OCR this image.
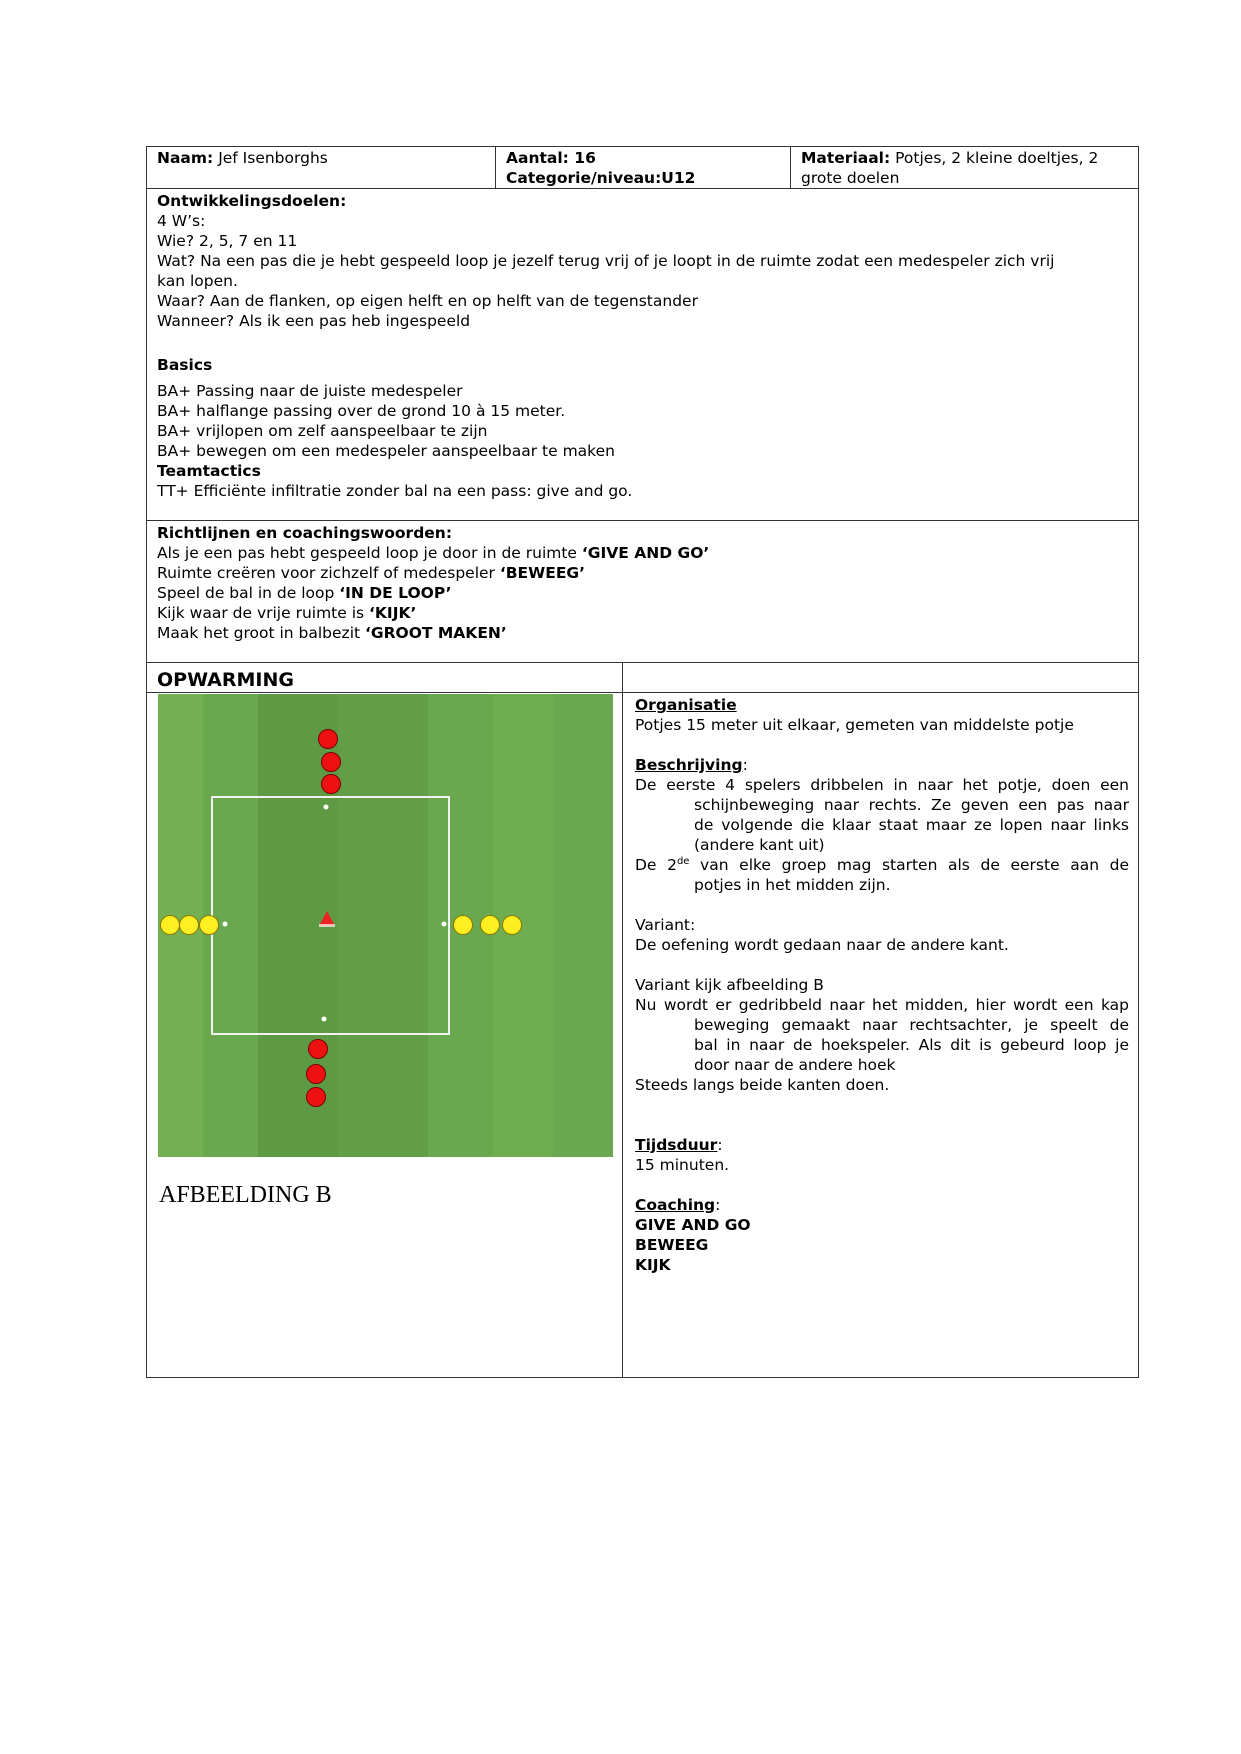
Naam: Jef Isenborghs	Aantal: 16
Categorie/niveau:U12
Materiaal: Potjes, 2 kleine doeltjes, 2
grote doelen
Ontwikkelingsdoelen:
4 W’s:
Wie? 2, 5, 7 en 11
Wat? Na een pas die je hebt gespeeld loop je jezelf terug vrij of je loopt in de ruimte zodat een medespeler zich vrij
kan lopen.
Waar? Aan de flanken, op eigen helft en op helft van de tegenstander
Wanneer? Als ik een pas heb ingespeeld
Basics
BA+ Passing naar de juiste medespeler
BA+ halflange passing over de grond 10 à 15 meter.
BA+ vrijlopen om zelf aanspeelbaar te zijn
BA+ bewegen om een medespeler aanspeelbaar te maken
Teamtactics
TT+ Efficiënte infiltratie zonder bal na een pass: give and go.
Richtlijnen en coachingswoorden:
Als je een pas hebt gespeeld loop je door in de ruimte ‘GIVE AND GO’
Ruimte creëren voor zichzelf of medespeler ‘BEWEEG’
Speel de bal in de loop ‘IN DE LOOP’
Kijk waar de vrije ruimte is ‘KIJK’
Maak het groot in balbezit ‘GROOT MAKEN’
OPWARMING
AFBEELDING B
Organisatie
Potjes 15 meter uit elkaar, gemeten van middelste potje
Beschrijving:
De eerste 4 spelers dribbelen in naar het potje, doen een
schijnbeweging naar rechts. Ze geven een pas naar
de volgende die klaar staat maar ze lopen naar links
(andere kant uit)
De 2de van elke groep mag starten als de eerste aan de
potjes in het midden zijn.
Variant:
De oefening wordt gedaan naar de andere kant.
Variant kijk afbeelding B
Nu wordt er gedribbeld naar het midden, hier wordt een kap
beweging gemaakt naar rechtsachter, je speelt de
bal in naar de hoekspeler. Als dit is gebeurd loop je
door naar de andere hoek
Steeds langs beide kanten doen.
Tijdsduur:
15 minuten.
Coaching:
GIVE AND GO
BEWEEG
KIJK
